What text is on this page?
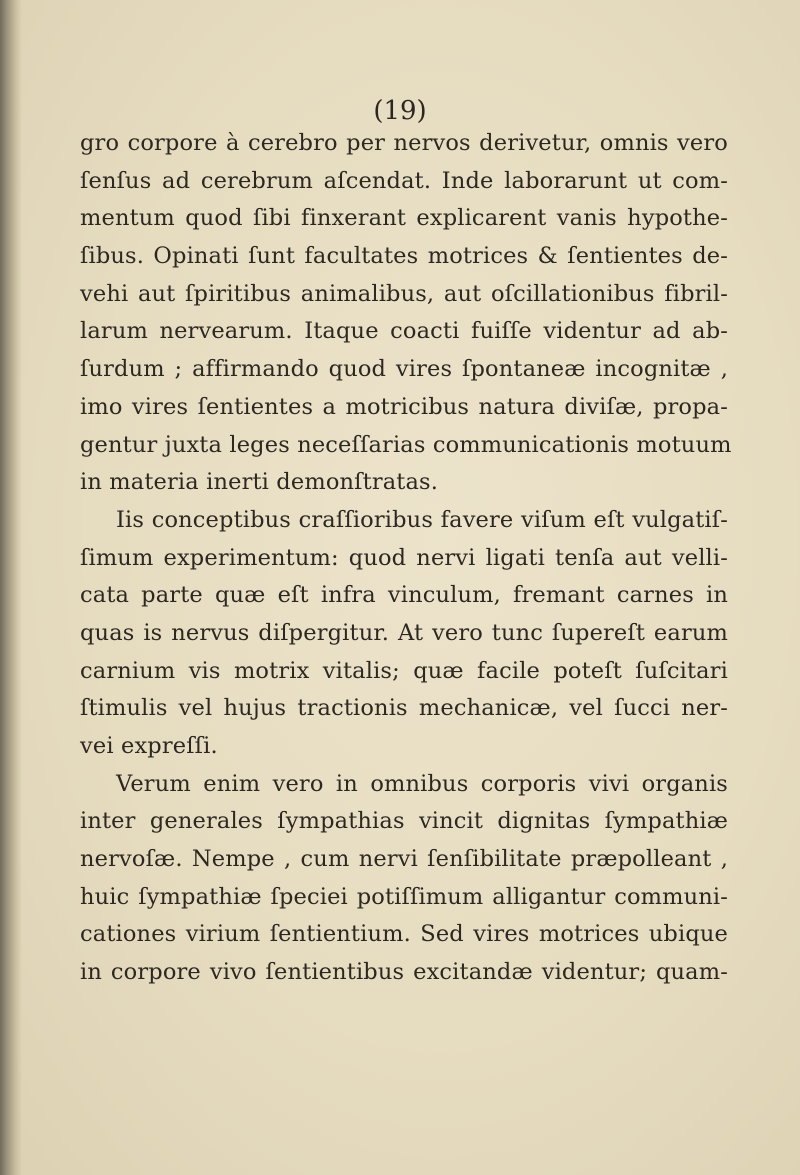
(19)
gro corpore à cerebro per nervos derivetur, omnis vero
ſenſus ad cerebrum aſcendat. Inde laborarunt ut com-
mentum quod ſibi finxerant explicarent vanis hypothe-
ſibus. Opinati ſunt facultates motrices & ſentientes de-
vehi aut ſpiritibus animalibus, aut oſcillationibus fibril-
larum nervearum. Itaque coacti fuiſſe videntur ad ab-
ſurdum ; affirmando quod vires ſpontaneæ incognitæ ,
imo vires ſentientes a motricibus natura diviſæ, propa-
gentur juxta leges neceſſarias communicationis motuum
in materia inerti demonſtratas.
Iis conceptibus craſſioribus favere viſum eſt vulgatiſ-
ſimum experimentum: quod nervi ligati tenſa aut velli-
cata parte quæ eſt infra vinculum, fremant carnes in
quas is nervus diſpergitur. At vero tunc ſupereſt earum
carnium vis motrix vitalis; quæ facile poteſt ſuſcitari
ſtimulis vel hujus tractionis mechanicæ, vel ſucci ner-
vei expreſſi.
Verum enim vero in omnibus corporis vivi organis
inter generales ſympathias vincit dignitas ſympathiæ
nervoſæ. Nempe , cum nervi ſenſibilitate præpolleant ,
huic ſympathiæ ſpeciei potiſſimum alligantur communi-
cationes virium ſentientium. Sed vires motrices ubique
in corpore vivo ſentientibus excitandæ videntur; quam-
